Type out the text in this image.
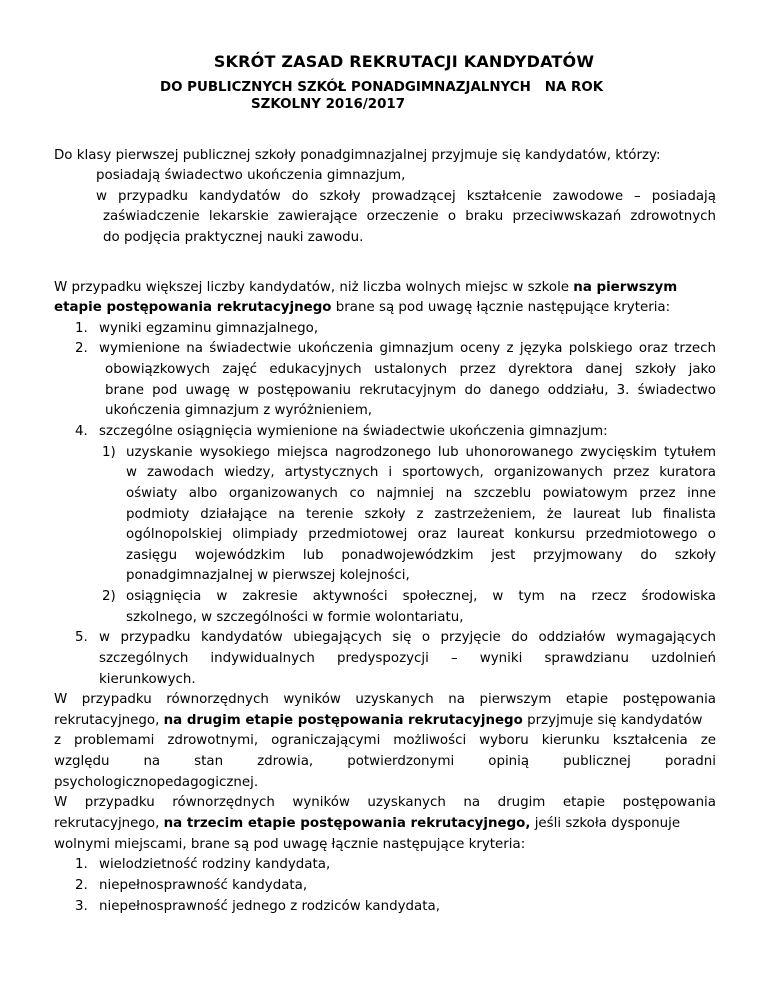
SKRÓT ZASAD REKRUTACJI KANDYDATÓW
DO PUBLICZNYCH SZKÓŁ PONADGIMNAZJALNYCH   NA ROK
SZKOLNY 2016/2017
Do klasy pierwszej publicznej szkoły ponadgimnazjalnej przyjmuje się kandydatów, którzy:
posiadają świadectwo ukończenia gimnazjum,
w przypadku kandydatów do szkoły prowadzącej kształcenie zawodowe – posiadają
zaświadczenie lekarskie zawierające orzeczenie o braku przeciwwskazań zdrowotnych
do podjęcia praktycznej nauki zawodu.
W przypadku większej liczby kandydatów, niż liczba wolnych miejsc w szkole na pierwszym
etapie postępowania rekrutacyjnego brane są pod uwagę łącznie następujące kryteria:
1. wyniki egzaminu gimnazjalnego,
2. wymienione na świadectwie ukończenia gimnazjum oceny z języka polskiego oraz trzech
obowiązkowych zajęć edukacyjnych ustalonych przez dyrektora danej szkoły jako
brane pod uwagę w postępowaniu rekrutacyjnym do danego oddziału, 3. świadectwo
ukończenia gimnazjum z wyróżnieniem,
4. szczególne osiągnięcia wymienione na świadectwie ukończenia gimnazjum:
1) uzyskanie wysokiego miejsca nagrodzonego lub uhonorowanego zwycięskim tytułem
w zawodach wiedzy, artystycznych i sportowych, organizowanych przez kuratora
oświaty albo organizowanych co najmniej na szczeblu powiatowym przez inne
podmioty działające na terenie szkoły z zastrzeżeniem, że laureat lub finalista
ogólnopolskiej olimpiady przedmiotowej oraz laureat konkursu przedmiotowego o
zasięgu wojewódzkim lub ponadwojewódzkim jest przyjmowany do szkoły
ponadgimnazjalnej w pierwszej kolejności,
2) osiągnięcia w zakresie aktywności społecznej, w tym na rzecz środowiska
szkolnego, w szczególności w formie wolontariatu,
5. w przypadku kandydatów ubiegających się o przyjęcie do oddziałów wymagających
szczególnych indywidualnych predyspozycji – wyniki sprawdzianu uzdolnień
kierunkowych.
W przypadku równorzędnych wyników uzyskanych na pierwszym etapie postępowania
rekrutacyjnego, na drugim etapie postępowania rekrutacyjnego przyjmuje się kandydatów
z problemami zdrowotnymi, ograniczającymi możliwości wyboru kierunku kształcenia ze
względu na stan zdrowia, potwierdzonymi opinią publicznej poradni
psychologicznopedagogicznej.
W przypadku równorzędnych wyników uzyskanych na drugim etapie postępowania
rekrutacyjnego, na trzecim etapie postępowania rekrutacyjnego, jeśli szkoła dysponuje
wolnymi miejscami, brane są pod uwagę łącznie następujące kryteria:
1. wielodzietność rodziny kandydata,
2. niepełnosprawność kandydata,
3. niepełnosprawność jednego z rodziców kandydata,
